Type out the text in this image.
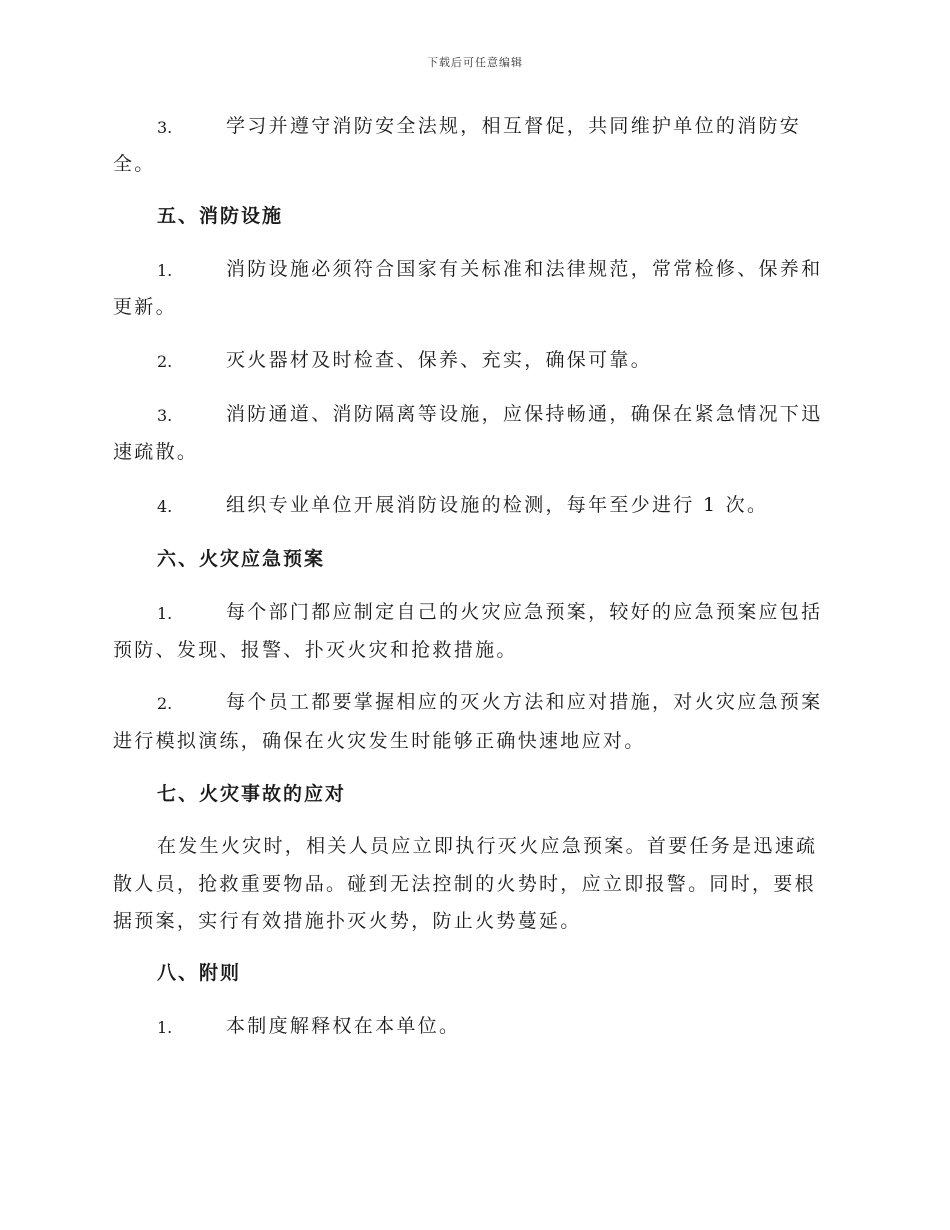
下载后可任意编辑
3.	学习并遵守消防安全法规，相互督促，共同维护单位的消防安
全。
五、消防设施
1.	消防设施必须符合国家有关标准和法律规范，常常检修、保养和
更新。
2.	灭火器材及时检查、保养、充实，确保可靠。
3.	消防通道、消防隔离等设施，应保持畅通，确保在紧急情况下迅
速疏散。
4.	组织专业单位开展消防设施的检测，每年至少进行 1 次。
六、火灾应急预案
1.	每个部门都应制定自己的火灾应急预案，较好的应急预案应包括
预防、发现、报警、扑灭火灾和抢救措施。
2.	每个员工都要掌握相应的灭火方法和应对措施，对火灾应急预案
进行模拟演练，确保在火灾发生时能够正确快速地应对。
七、火灾事故的应对
在发生火灾时，相关人员应立即执行灭火应急预案。首要任务是迅速疏
散人员，抢救重要物品。碰到无法控制的火势时，应立即报警。同时，要根
据预案，实行有效措施扑灭火势，防止火势蔓延。
八、附则
1.	本制度解释权在本单位。
